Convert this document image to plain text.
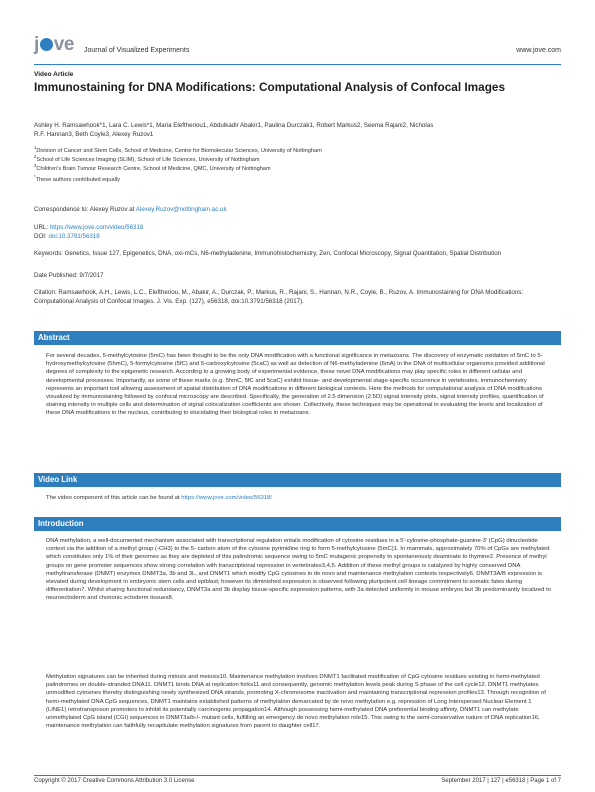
j ve Journal of Visualized Experiments	www.jove.com
Video Article
Immunostaining for DNA Modifications: Computational Analysis of Confocal Images
Ashley H. Ramsawhook*1, Lara C. Lewis*1, Maria Eleftheriou1, Abdulkadir Abakir1, Paulina Durczak1, Robert Markus2, Seema Rajani2, Nicholas
R.F. Hannan3, Beth Coyle3, Alexey Ruzov1
$^1$Division of Cancer and Stem Cells, School of Medicine, Centre for Biomolecular Sciences, University of Nottingham
$^2$School of Life Sciences Imaging (SLIM), School of Life Sciences, University of Nottingham
$^3$Children's Brain Tumour Research Centre, School of Medicine, QMC, University of Nottingham
*These authors contributed equally
Correspondence to: Alexey Ruzov at Alexey.Ruzov@nottingham.ac.uk
URL: https://www.jove.com/video/56318
DOI: doi:10.3791/56318
Keywords: Genetics, Issue 127, Epigenetics, DNA, oxi-mCs, N6-methyladenine, Immunohistochemistry, Zen, Confocal Microscopy, Signal Quantitation, Spatial Distribution
Date Published: 9/7/2017
Citation: Ramsawhook, A.H., Lewis, L.C., Eleftheriou, M., Abakir, A., Durczak, P., Markus, R., Rajani, S., Hannan, N.R., Coyle, B., Ruzov, A. Immunostaining for DNA Modifications: Computational Analysis of Confocal Images. J. Vis. Exp. (127), e56318, doi:10.3791/56318 (2017).
Abstract
For several decades, 5-methylcytosine (5mC) has been thought to be the only DNA modification with a functional significance in metazoans. The discovery of enzymatic oxidation of 5mC to 5-hydroxymethylcytosine (5hmC), 5-formylcytosine (5fC) and 5-carboxylcytosine (5caC) as well as detection of N6-methyladenine (6mA) in the DNA of multicellular organisms provided additional degrees of complexity to the epigenetic research. According to a growing body of experimental evidence, these novel DNA modifications may play specific roles in different cellular and developmental processes. Importantly, as some of these marks (e.g. 5hmC, 5fC and 5caC) exhibit tissue- and developmental stage-specific occurrence in vertebrates, immunochemistry represents an important tool allowing assessment of spatial distribution of DNA modifications in different biological contexts. Here the methods for computational analysis of DNA modifications visualized by immunostaining followed by confocal microscopy are described. Specifically, the generation of 2.5 dimension (2.5D) signal intensity plots, signal intensity profiles, quantification of staining intensity in multiple cells and determination of signal colocalization coefficients are shown. Collectively, these techniques may be operational in evaluating the levels and localization of these DNA modifications in the nucleus, contributing to elucidating their biological roles in metazoans.
Video Link
The video component of this article can be found at https://www.jove.com/video/56318/
Introduction
DNA methylation, a well-documented mechanism associated with transcriptional regulation entails modification of cytosine residues in a 5'-cytosine-phosphate-guanine-3' (CpG) dinucleotide context via the addition of a methyl group (-CH3) to the 5- carbon atom of the cytosine pyrimidine ring to form 5-methylcytosine (5mC)1. In mammals, approximately 70% of CpGs are methylated which constitutes only 1% of their genomes as they are depleted of this palindromic sequence owing to 5mC mutagenic propensity to spontaneously deaminate to thymine2. Presence of methyl groups on gene promoter sequences show strong correlation with transcriptional repression in vertebrates3,4,5. Addition of these methyl groups is catalyzed by highly conserved DNA methyltransferase (DNMT) enzymes DNMT3a, 3b and 3L, and DNMT1 which modify CpG cytosines in de novo and maintenance methylation contexts respectively6. DNMT3A/B expression is elevated during development in embryonic stem cells and epiblast; however its diminished expression is observed following pluripotent cell lineage commitment to somatic fates during differentiation7. Whilst sharing functional redundancy, DNMT3a and 3b display tissue-specific expression patterns, with 3a detected uniformly in mouse embryos but 3b predominantly localized to neuroectoderm and chorionic ectoderm tissues8.
Methylation signatures can be inherited during mitosis and meiosis10. Maintenance methylation involves DNMT1 facilitated modification of CpG cytosine residues existing in hemi-methylated palindromes on double-stranded DNA11. DNMT1 binds DNA at replication forks11 and consequently, genomic methylation levels peak during S phase of the cell cycle12. DNMT1 methylates unmodified cytosines thereby distinguishing newly synthesized DNA strands, promoting X-chromosome inactivation and maintaining transcriptional repression profiles13. Through recognition of hemi-methylated DNA CpG sequences, DNMT1 maintains established patterns of methylation demarcated by de novo methylation e.g. repression of Long Interspersed Nuclear Element 1 (LINE1) retrotransposon promoters to inhibit its potentially carcinogenic propagation14. Although possessing hemi-methylated DNA preferential binding affinity, DNMT1 can methylate unmethylated CpG island (CGI) sequences in DNMT3a/b-/- mutant cells, fulfilling an emergency de novo methylation role15. This owing to the semi-conservative nature of DNA replication16, maintenance methylation can faithfully recapitulate methylation signatures from parent to daughter cell17.
Copyright © 2017 Creative Commons Attribution 3.0 License	September 2017 | 127 | e56318 | Page 1 of 7
